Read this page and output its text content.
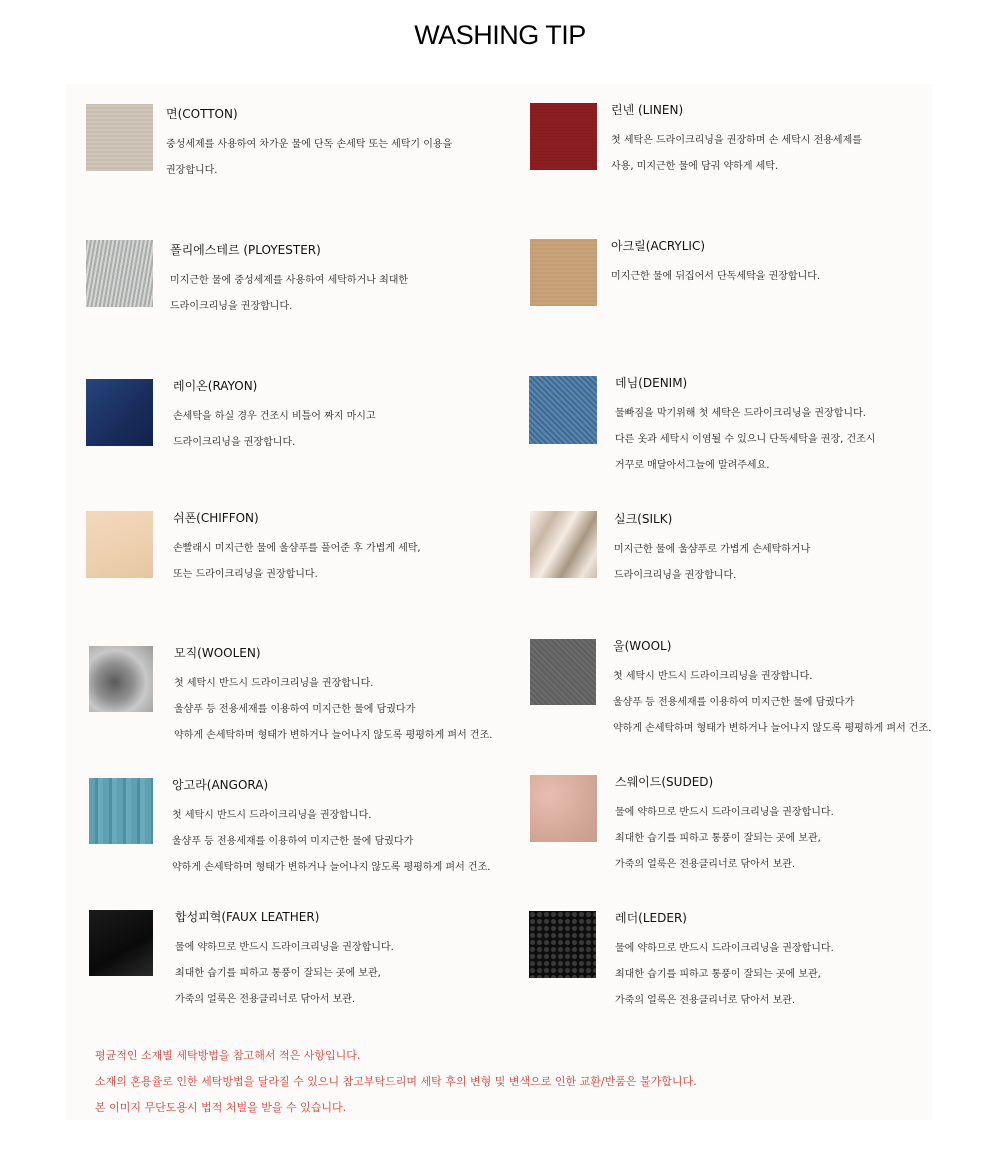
WASHING TIP
면(COTTON)
중성세제를 사용하여 차가운 물에 단독 손세탁 또는 세탁기 이용을
권장합니다.
폴리에스테르 (PLOYESTER)
미지근한 물에 중성세제를 사용하여 세탁하거나 최대한
드라이크리닝을 권장합니다.
레이온(RAYON)
손세탁을 하실 경우 건조시 비틀어 짜지 마시고
드라이크리닝을 권장합니다.
쉬폰(CHIFFON)
손빨래시 미지근한 물에 울샴푸를 풀어준 후 가볍게 세탁,
또는 드라이크리닝을 권장합니다.
모직(WOOLEN)
첫 세탁시 반드시 드라이크리닝을 권장합니다.
울샴푸 등 전용세재를 이용하여 미지근한 물에 담궜다가
약하게 손세탁하며 형태가 변하거나 늘어나지 않도록 평평하게 펴서 건조.
앙고라(ANGORA)
첫 세탁시 반드시 드라이크리닝을 권장합니다.
울샴푸 등 전용세재를 이용하여 미지근한 물에 담궜다가
약하게 손세탁하며 형태가 변하거나 늘어나지 않도록 평평하게 펴서 건조.
합성피혁(FAUX LEATHER)
물에 약하므로 반드시 드라이크리닝을 권장합니다.
최대한 습기를 피하고 통풍이 잘되는 곳에 보관,
가죽의 얼룩은 전용클리너로 닦아서 보관.
린넨 (LINEN)
첫 세탁은 드라이크리닝을 권장하며 손 세탁시 전용세제를
사용, 미지근한 물에 담궈 약하게 세탁.
아크릴(ACRYLIC)
미지근한 물에 뒤집어서 단독세탁을 권장합니다.
데님(DENIM)
물빠짐을 막기위해 첫 세탁은 드라이크리닝을 권장합니다.
다른 옷과 세탁시 이염될 수 있으니 단독세탁을 권장, 건조시
거꾸로 매달아서그늘에 말려주세요.
실크(SILK)
미지근한 물에 울샴푸로 가볍게 손세탁하거나
드라이크리닝을 권장합니다.
울(WOOL)
첫 세탁시 반드시 드라이크리닝을 권장합니다.
울샴푸 등 전용세재를 이용하여 미지근한 물에 담궜다가
약하게 손세탁하며 형태가 변하거나 늘어나지 않도록 평평하게 펴서 건조.
스웨이드(SUDED)
물에 약하므로 반드시 드라이크리닝을 권장합니다.
최대한 습기를 피하고 통풍이 잘되는 곳에 보관,
가죽의 얼룩은 전용클리너로 닦아서 보관.
레더(LEDER)
물에 약하므로 반드시 드라이크리닝을 권장합니다.
최대한 습기를 피하고 통풍이 잘되는 곳에 보관,
가죽의 얼룩은 전용클리너로 닦아서 보관.
평균적인 소재별 세탁방법을 참고해서 적은 사항입니다.
소재의 혼용율로 인한 세탁방법을 달라질 수 있으니 참고부탁드리며 세탁 후의 변형 및 변색으로 인한 교환/반품은 불가합니다.
본 이미지 무단도용시 법적 처벌을 받을 수 있습니다.
